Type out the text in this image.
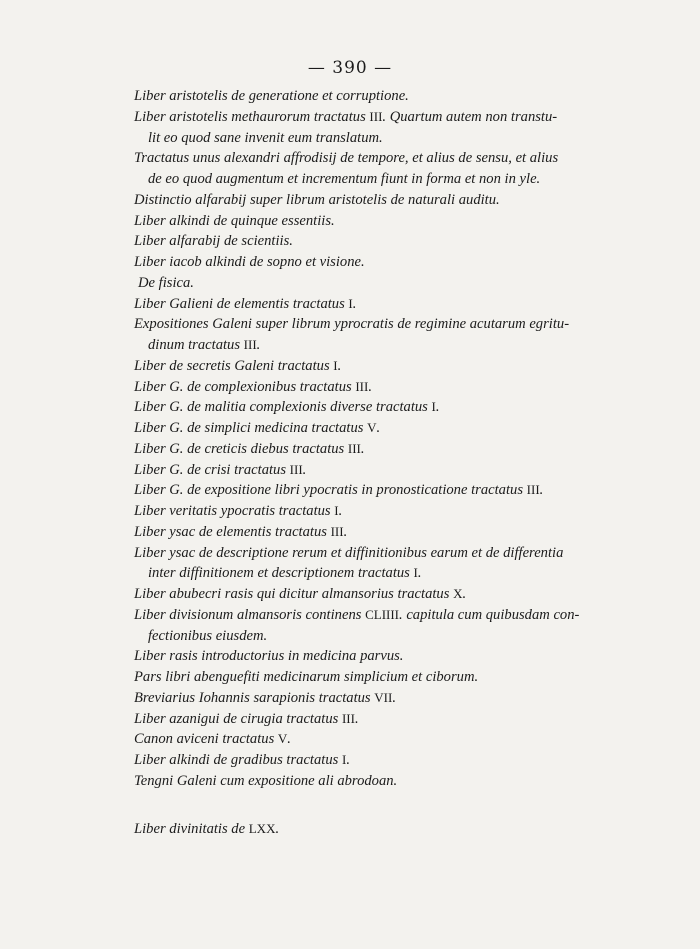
— 390 —
Liber aristotelis de generatione et corruptione.
Liber aristotelis methaurorum tractatus III. Quartum autem non transtu-
lit eo quod sane invenit eum translatum.
Tractatus unus alexandri affrodisij de tempore, et alius de sensu, et alius
de eo quod augmentum et incrementum fiunt in forma et non in yle.
Distinctio alfarabij super librum aristotelis de naturali auditu.
Liber alkindi de quinque essentiis.
Liber alfarabij de scientiis.
Liber iacob alkindi de sopno et visione.
De fisica.
Liber Galieni de elementis tractatus I.
Expositiones Galeni super librum yprocratis de regimine acutarum egritu-
dinum tractatus III.
Liber de secretis Galeni tractatus I.
Liber G. de complexionibus tractatus III.
Liber G. de malitia complexionis diverse tractatus I.
Liber G. de simplici medicina tractatus V.
Liber G. de creticis diebus tractatus III.
Liber G. de crisi tractatus III.
Liber G. de expositione libri ypocratis in pronosticatione tractatus III.
Liber veritatis ypocratis tractatus I.
Liber ysac de elementis tractatus III.
Liber ysac de descriptione rerum et diffinitionibus earum et de differentia
inter diffinitionem et descriptionem tractatus I.
Liber abubecri rasis qui dicitur almansorius tractatus X.
Liber divisionum almansoris continens CLIIII. capitula cum quibusdam con-
fectionibus eiusdem.
Liber rasis introductorius in medicina parvus.
Pars libri abenguefiti medicinarum simplicium et ciborum.
Breviarius Iohannis sarapionis tractatus VII.
Liber azanigui de cirugia tractatus III.
Canon aviceni tractatus V.
Liber alkindi de gradibus tractatus I.
Tengni Galeni cum expositione ali abrodoan.
Liber divinitatis de LXX.
